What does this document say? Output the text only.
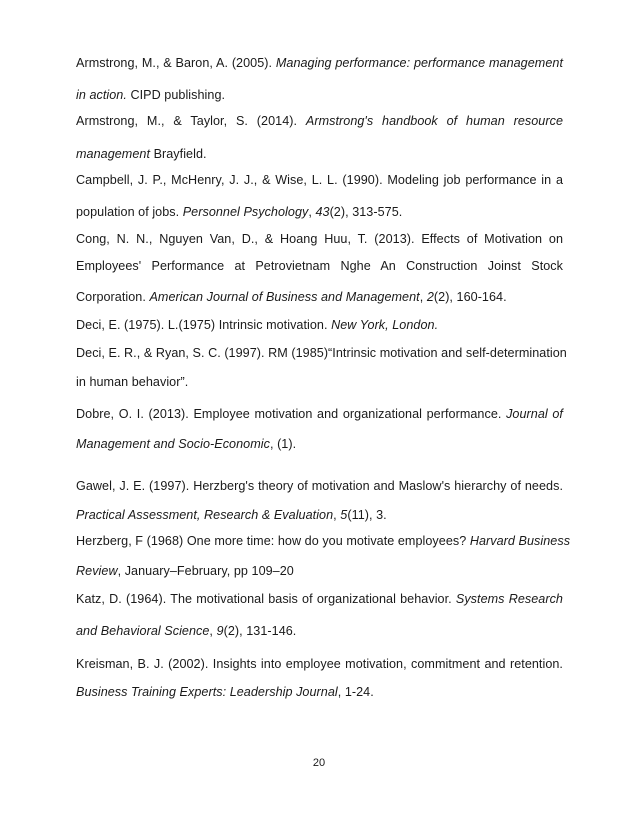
Armstrong, M., & Baron, A. (2005). Managing performance: performance management
in action. CIPD publishing.
Armstrong, M., & Taylor, S. (2014). Armstrong's handbook of human resource
management Brayfield.
Campbell, J. P., McHenry, J. J., & Wise, L. L. (1990). Modeling job performance in a
population of jobs. Personnel Psychology, 43(2), 313-575.
Cong, N. N., Nguyen Van, D., & Hoang Huu, T. (2013). Effects of Motivation on
Employees' Performance at Petrovietnam Nghe An Construction Joinst Stock
Corporation. American Journal of Business and Management, 2(2), 160-164.
Deci, E. (1975). L.(1975) Intrinsic motivation. New York, London.
Deci, E. R., & Ryan, S. C. (1997). RM (1985)“Intrinsic motivation and self-determination
in human behavior”.
Dobre, O. I. (2013). Employee motivation and organizational performance. Journal of
Management and Socio-Economic, (1).
Gawel, J. E. (1997). Herzberg's theory of motivation and Maslow's hierarchy of needs.
Practical Assessment, Research & Evaluation, 5(11), 3.
Herzberg, F (1968) One more time: how do you motivate employees? Harvard Business
Review, January–February, pp 109–20
Katz, D. (1964). The motivational basis of organizational behavior. Systems Research
and Behavioral Science, 9(2), 131-146.
Kreisman, B. J. (2002). Insights into employee motivation, commitment and retention.
Business Training Experts: Leadership Journal, 1-24.
20
